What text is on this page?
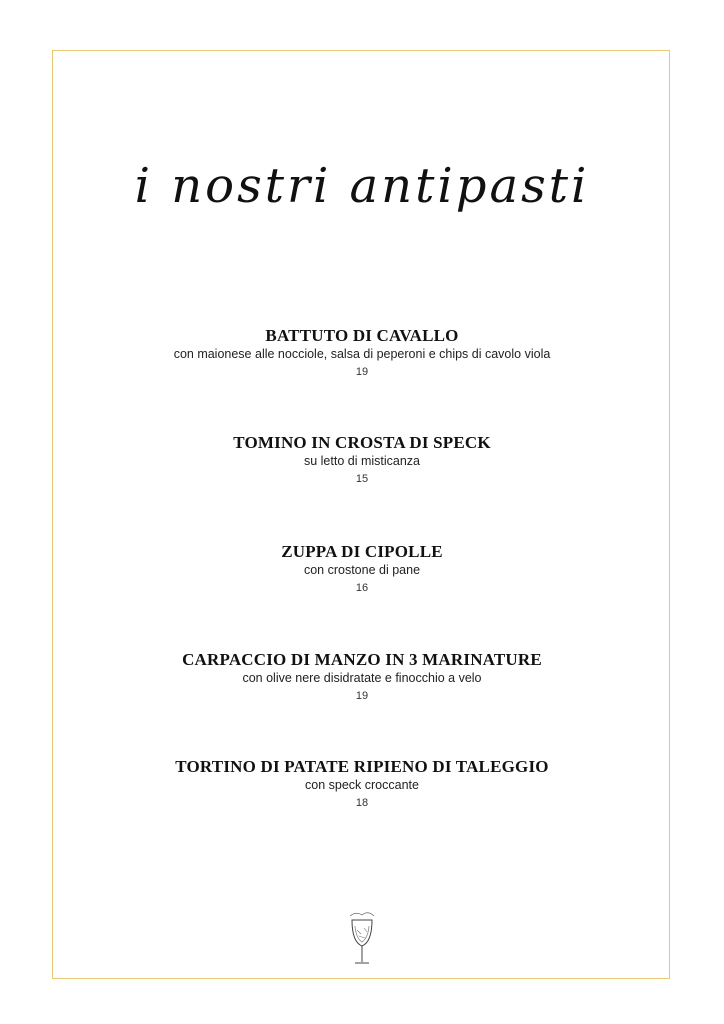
i nostri antipasti
BATTUTO DI CAVALLO
con maionese alle nocciole, salsa di peperoni e chips di cavolo viola
19
TOMINO IN CROSTA DI SPECK
su letto di misticanza
15
ZUPPA DI CIPOLLE
con crostone di pane
16
CARPACCIO DI MANZO IN 3 MARINATURE
con olive nere disidratate e finocchio a velo
19
TORTINO DI PATATE RIPIENO DI TALEGGIO
con speck croccante
18
